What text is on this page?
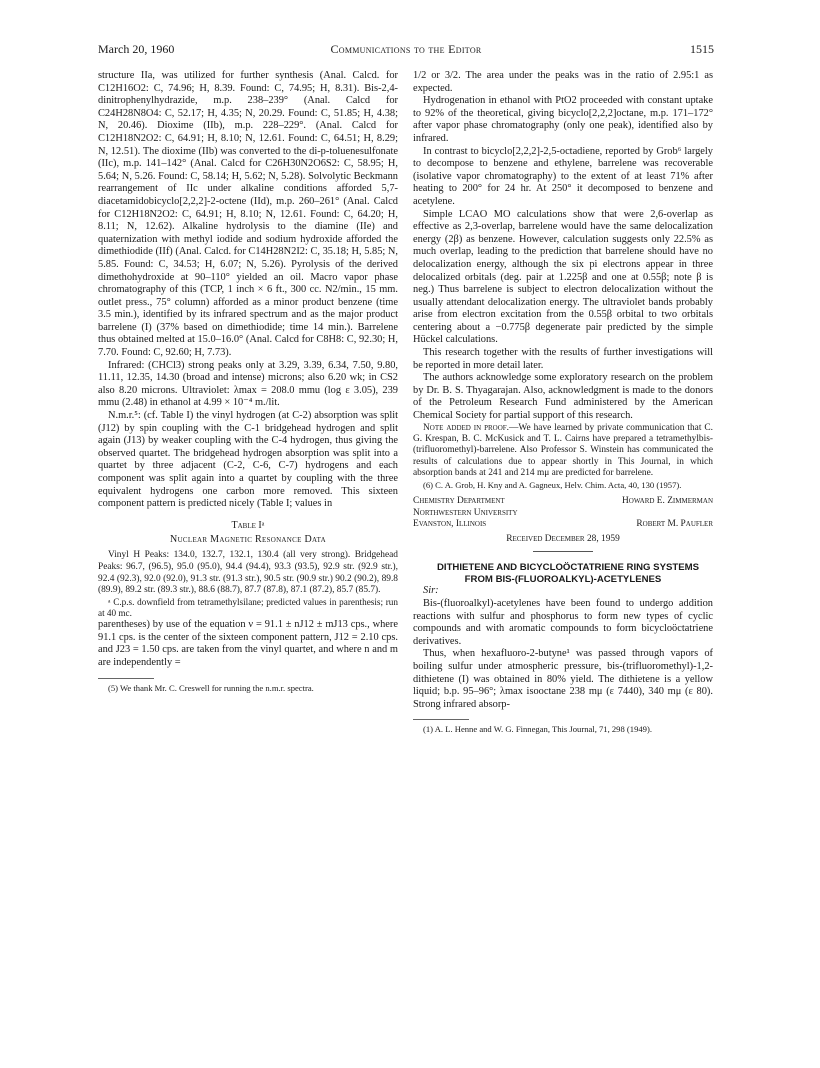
March 20, 1960	Communications to the Editor	1515

structure IIa, was utilized for further synthesis (Anal. Calcd. for C12H16O2: C, 74.96; H, 8.39. Found: C, 74.95; H, 8.31). Bis-2,4-dinitrophenylhydrazide, m.p. 238–239° (Anal. Calcd for C24H28N8O4: C, 52.17; H, 4.35; N, 20.29. Found: C, 51.85; H, 4.38; N, 20.46). Dioxime (IIb), m.p. 228–229°. (Anal. Calcd for C12H18N2O2: C, 64.91; H, 8.10; N, 12.61. Found: C, 64.51; H, 8.29; N, 12.51). The dioxime (IIb) was converted to the di-p-toluenesulfonate (IIc), m.p. 141–142° (Anal. Calcd for C26H30N2O6S2: C, 58.95; H, 5.64; N, 5.26. Found: C, 58.14; H, 5.62; N, 5.28). Solvolytic Beckmann rearrangement of IIc under alkaline conditions afforded 5,7-diacetamidobicyclo[2,2,2]-2-octene (IId), m.p. 260–261° (Anal. Calcd for C12H18N2O2: C, 64.91; H, 8.10; N, 12.61. Found: C, 64.20; H, 8.11; N, 12.62). Alkaline hydrolysis to the diamine (IIe) and quaternization with methyl iodide and sodium hydroxide afforded the dimethiodide (IIf) (Anal. Calcd. for C14H28N2I2: C, 35.18; H, 5.85; N, 5.85. Found: C, 34.53; H, 6.07; N, 5.26). Pyrolysis of the derived dimethohydroxide at 90–110° yielded an oil. Macro vapor phase chromatography of this (TCP, 1 inch × 6 ft., 300 cc. N2/min., 15 mm. outlet press., 75° column) afforded as a minor product benzene (time 3.5 min.), identified by its infrared spectrum and as the major product barrelene (I) (37% based on dimethiodide; time 14 min.). Barrelene thus obtained melted at 15.0–16.0° (Anal. Calcd for C8H8: C, 92.30; H, 7.70. Found: C, 92.60; H, 7.73).

Infrared: (CHCl3) strong peaks only at 3.29, 3.39, 6.34, 7.50, 9.80, 11.11, 12.35, 14.30 (broad and intense) microns; also 6.20 wk; in CS2 also 8.20 microns. Ultraviolet: λmax = 208.0 mmu (log ε 3.05), 239 mmu (2.48) in ethanol at 4.99 × 10⁻⁴ m./lit.

N.m.r.⁵: (cf. Table I) the vinyl hydrogen (at C-2) absorption was split (J12) by spin coupling with the C-1 bridgehead hydrogen and split again (J13) by weaker coupling with the C-4 hydrogen, thus giving the observed quartet. The bridgehead hydrogen absorption was split into a quartet by three adjacent (C-2, C-6, C-7) hydrogens and each component was split again into a quartet by coupling with the three equivalent hydrogens one carbon more removed. This sixteen component pattern is predicted nicely (Table I; values in

Table Iᵃ
Nuclear Magnetic Resonance Data

Vinyl H Peaks: 134.0, 132.7, 132.1, 130.4 (all very strong). Bridgehead Peaks: 96.7, (96.5), 95.0 (95.0), 94.4 (94.4), 93.3 (93.5), 92.9 str. (92.9 str.), 92.4 (92.3), 92.0 (92.0), 91.3 str. (91.3 str.), 90.5 str. (90.9 str.) 90.2 (90.2), 89.8 (89.9), 89.2 str. (89.3 str.), 88.6 (88.7), 87.7 (87.8), 87.1 (87.2), 85.7 (85.7).

ᵃ C.p.s. downfield from tetramethylsilane; predicted values in parenthesis; run at 40 mc.

parentheses) by use of the equation ν = 91.1 ± nJ12 ± mJ13 cps., where 91.1 cps. is the center of the sixteen component pattern, J12 = 2.10 cps. and J23 = 1.50 cps. are taken from the vinyl quartet, and where n and m are independently =

(5) We thank Mr. C. Creswell for running the n.m.r. spectra.

1/2 or 3/2. The area under the peaks was in the ratio of 2.95:1 as expected.

Hydrogenation in ethanol with PtO2 proceeded with constant uptake to 92% of the theoretical, giving bicyclo[2,2,2]octane, m.p. 171–172° after vapor phase chromatography (only one peak), identified also by infrared.

In contrast to bicyclo[2,2,2]-2,5-octadiene, reported by Grob⁶ largely to decompose to benzene and ethylene, barrelene was recoverable (isolative vapor chromatography) to the extent of at least 71% after heating to 200° for 24 hr. At 250° it decomposed to benzene and acetylene.

Simple LCAO MO calculations show that were 2,6-overlap as effective as 2,3-overlap, barrelene would have the same delocalization energy (2β) as benzene. However, calculation suggests only 22.5% as much overlap, leading to the prediction that barrelene should have no delocalization energy, although the six pi electrons appear in three delocalized orbitals (deg. pair at 1.225β and one at 0.55β; note β is neg.) Thus barrelene is subject to electron delocalization without the usually attendant delocalization energy. The ultraviolet bands probably arise from electron excitation from the 0.55β orbital to two orbitals centering about a −0.775β degenerate pair predicted by the simple Hückel calculations.

This research together with the results of further investigations will be reported in more detail later.

The authors acknowledge some exploratory research on the problem by Dr. B. S. Thyagarajan. Also, acknowledgment is made to the donors of the Petroleum Research Fund administered by the American Chemical Society for partial support of this research.

Note added in proof.—We have learned by private communication that C. G. Krespan, B. C. McKusick and T. L. Cairns have prepared a tetramethylbis-(trifluoromethyl)-barrelene. Also Professor S. Winstein has communicated the results of calculations due to appear shortly in This Journal, in which absorption bands at 241 and 214 mμ are predicted for barrelene.

(6) C. A. Grob, H. Kny and A. Gagneux, Helv. Chim. Acta, 40, 130 (1957).

Chemistry Department	Howard E. Zimmerman
Northwestern University
Evanston, Illinois	Robert M. Paufler
Received December 28, 1959

DITHIETENE AND BICYCLOÖCTATRIENE RING SYSTEMS FROM BIS-(FLUOROALKYL)-ACETYLENES

Sir:

Bis-(fluoroalkyl)-acetylenes have been found to undergo addition reactions with sulfur and phosphorus to form new types of cyclic compounds and with aromatic compounds to form bicycloöctatriene derivatives.

Thus, when hexafluoro-2-butyne¹ was passed through vapors of boiling sulfur under atmospheric pressure, bis-(trifluoromethyl)-1,2-dithietene (I) was obtained in 80% yield. The dithietene is a yellow liquid; b.p. 95–96°; λmax isooctane 238 mμ (ε 7440), 340 mμ (ε 80). Strong infrared absorp-

(1) A. L. Henne and W. G. Finnegan, This Journal, 71, 298 (1949).
